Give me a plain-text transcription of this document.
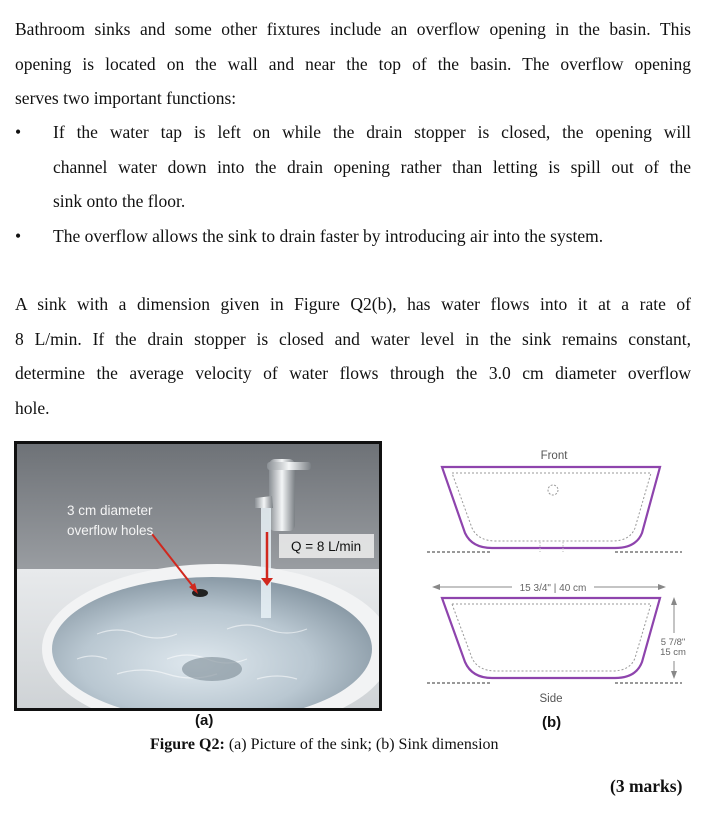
Bathroom sinks and some other fixtures include an overflow opening in the basin. This
opening is located on the wall and near the top of the basin. The overflow opening
serves two important functions:
•	If the water tap is left on while the drain stopper is closed, the opening will
channel water down into the drain opening rather than letting is spill out of the
sink onto the floor.
•	The overflow allows the sink to drain faster by introducing air into the system.
A sink with a dimension given in Figure Q2(b), has water flows into it at a rate of
8 L/min. If the drain stopper is closed and water level in the sink remains constant,
determine the average velocity of water flows through the 3.0 cm diameter overflow
hole.
Q = 8 L/min
3 cm diameter
overflow holes
Front
15 3/4" | 40 cm
5 7/8"
15 cm
Side
(a)	(b)
Figure Q2: (a) Picture of the sink; (b) Sink dimension
(3 marks)
